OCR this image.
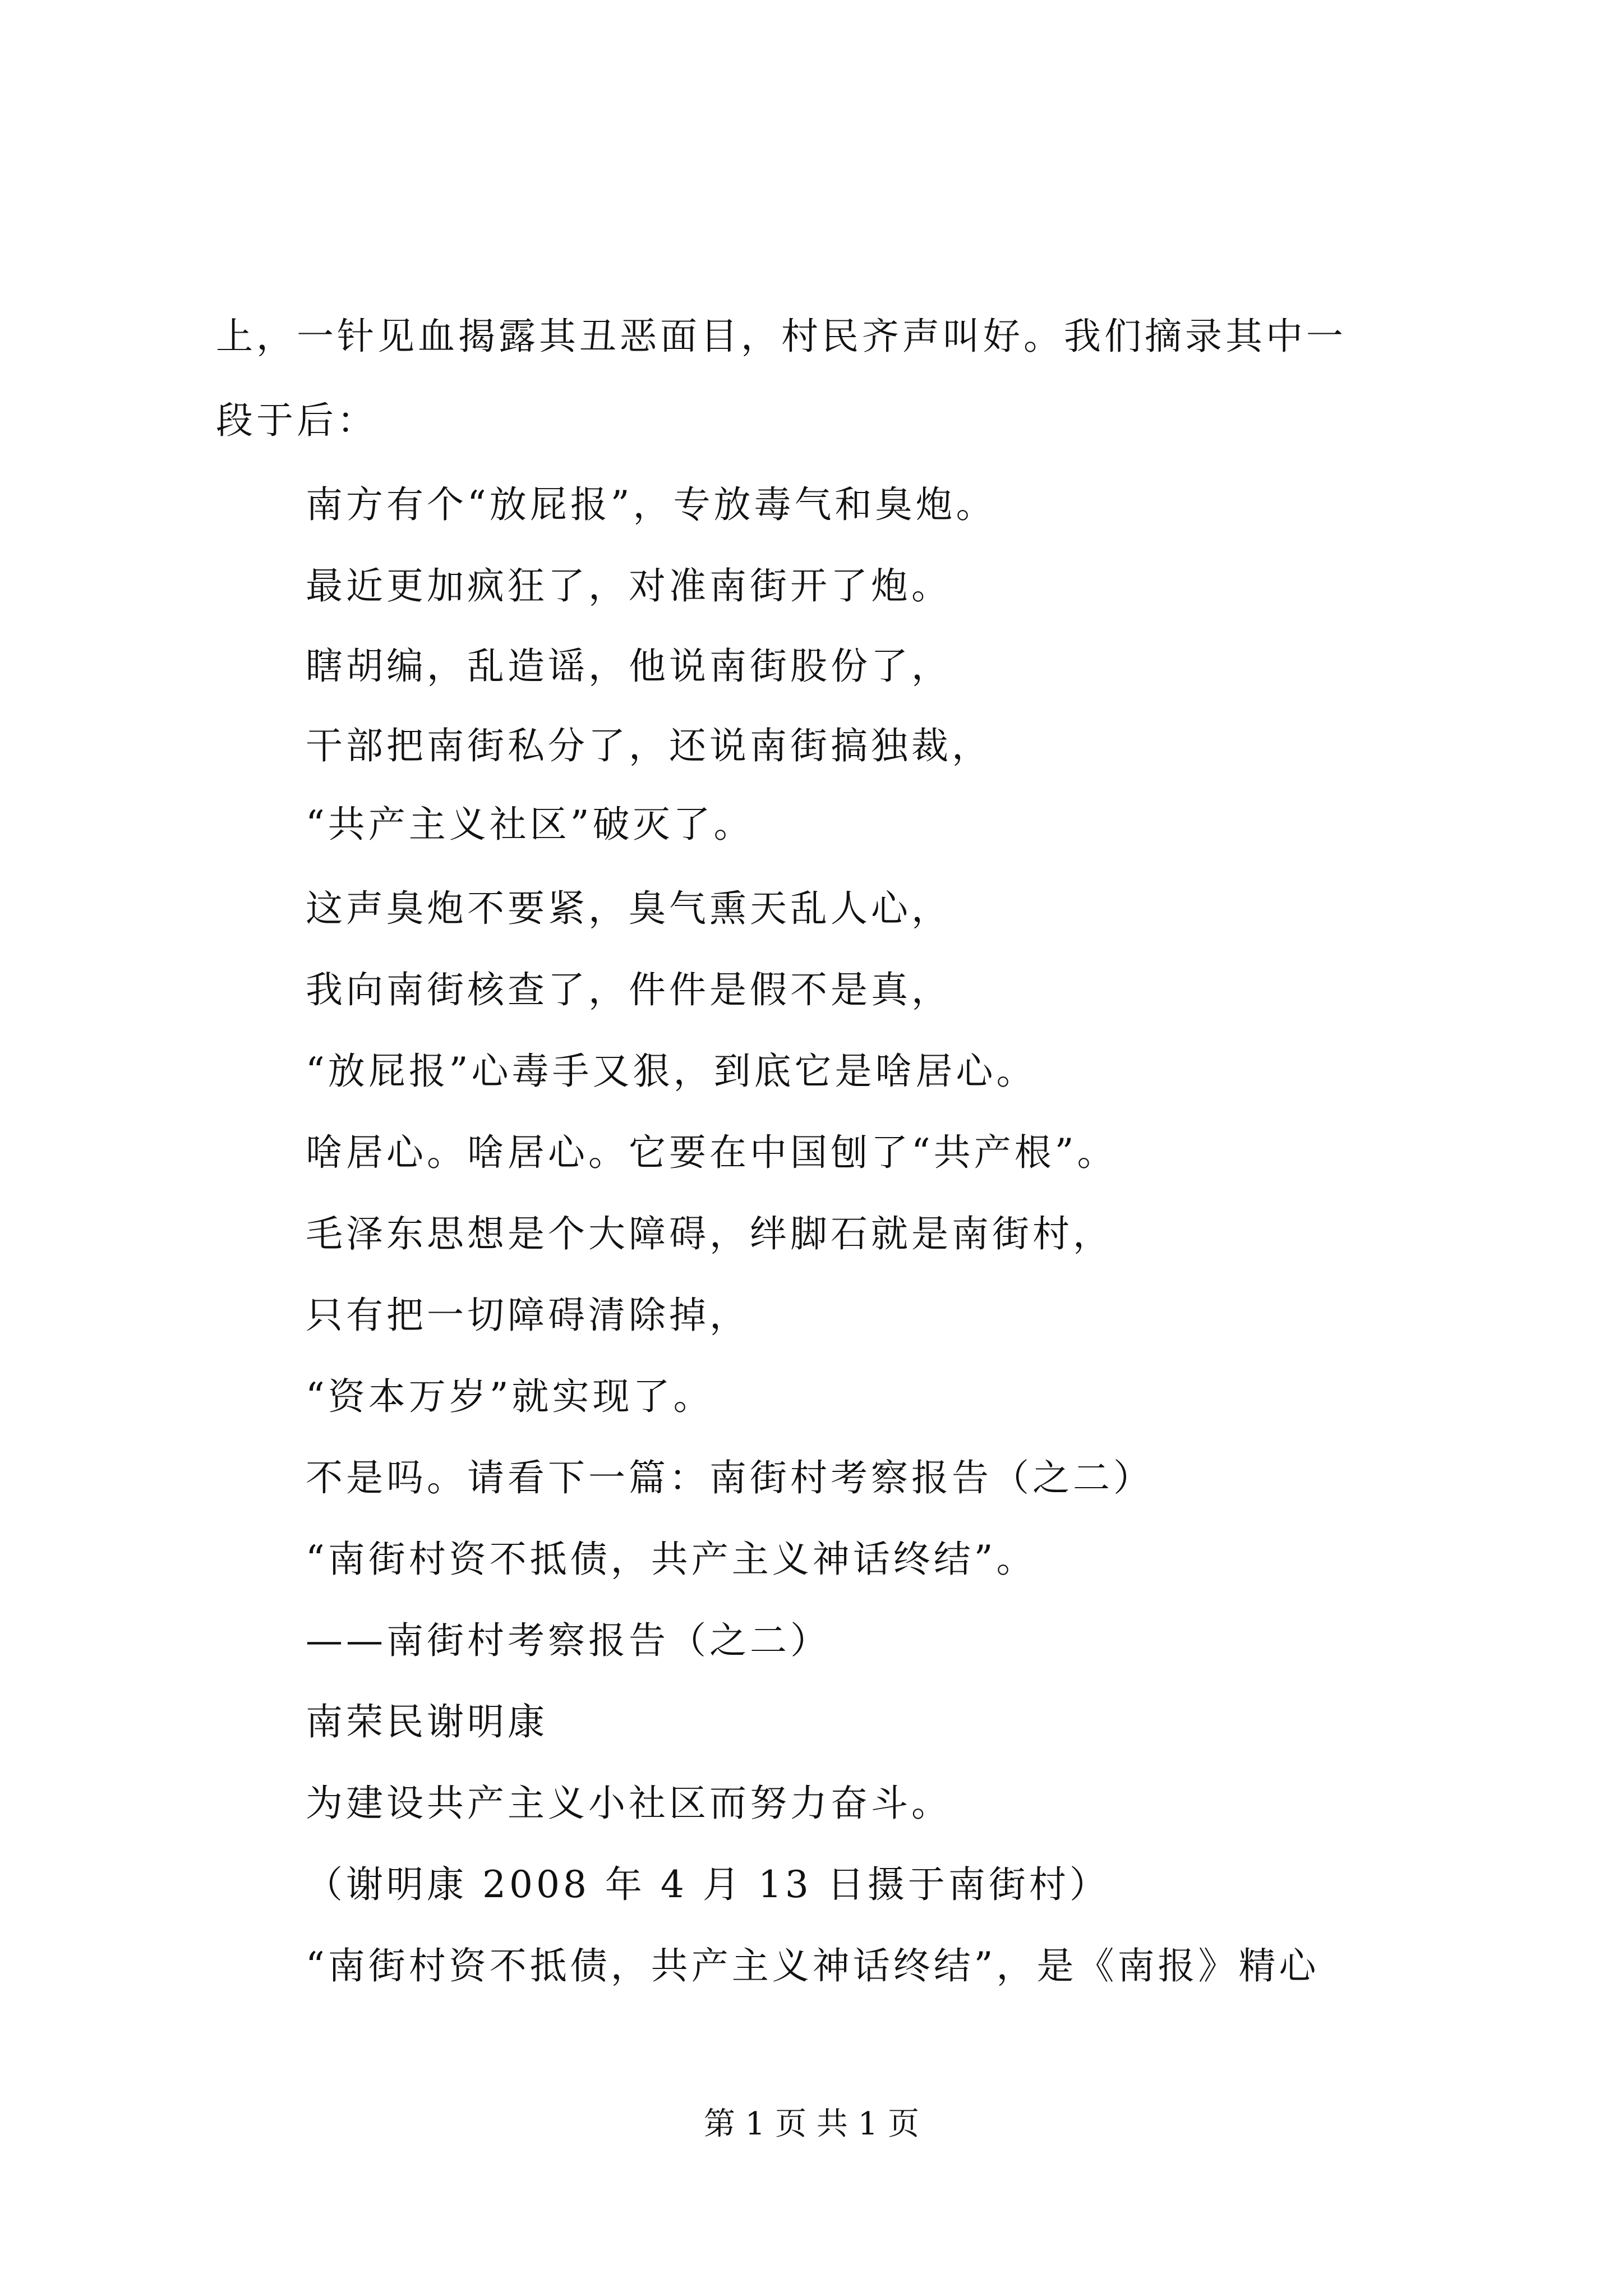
上，一针见血揭露其丑恶面目，村民齐声叫好。我们摘录其中一
段于后：
南方有个“放屁报”，专放毒气和臭炮。
最近更加疯狂了，对准南街开了炮。
瞎胡编，乱造谣，他说南街股份了，
干部把南街私分了，还说南街搞独裁，
“共产主义社区”破灭了。
这声臭炮不要紧，臭气熏天乱人心，
我向南街核查了，件件是假不是真，
“放屁报”心毒手又狠，到底它是啥居心。
啥居心。啥居心。它要在中国刨了“共产根”。
毛泽东思想是个大障碍，绊脚石就是南街村，
只有把一切障碍清除掉，
“资本万岁”就实现了。
不是吗。请看下一篇：南街村考察报告（之二）
“南街村资不抵债，共产主义神话终结”。
——南街村考察报告（之二）
南荣民谢明康
为建设共产主义小社区而努力奋斗。
（谢明康 2008 年 4 月 13 日摄于南街村）
“南街村资不抵债，共产主义神话终结”，是《南报》精心
第 1 页 共 1 页
